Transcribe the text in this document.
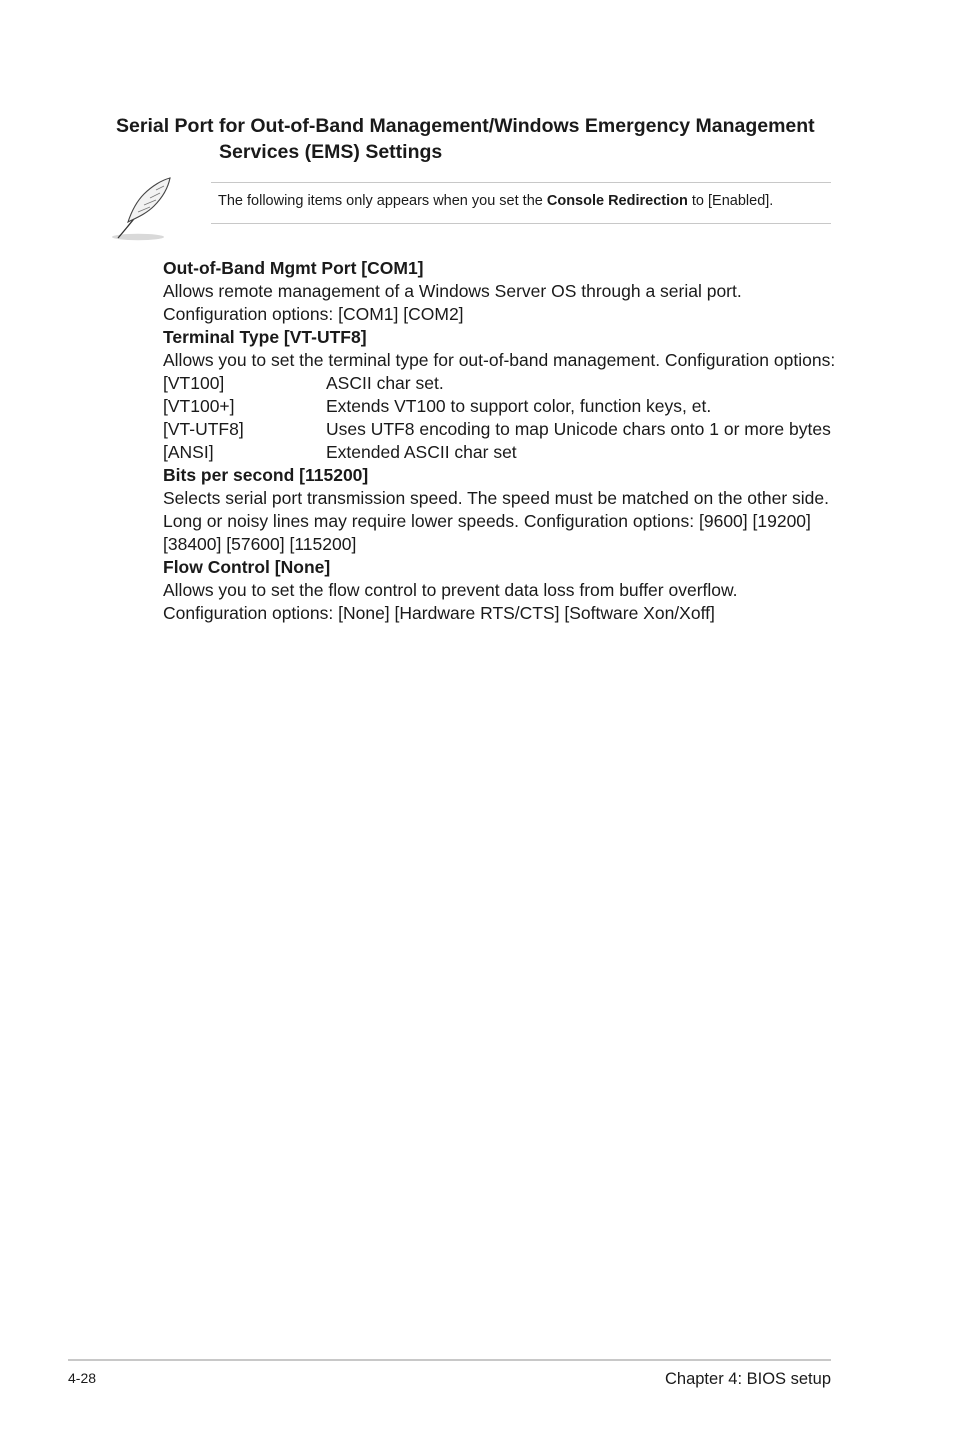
Serial Port for Out-of-Band Management/Windows Emergency Management
Services (EMS) Settings
The following items only appears when you set the Console Redirection to [Enabled].

Out-of-Band Mgmt Port [COM1]

Allows remote management of a Windows Server OS through a serial port.

Configuration options: [COM1] [COM2]

Terminal Type [VT-UTF8]

Allows you to set the terminal type for out-of-band management. Configuration options:

[VT100]	ASCII char set.
[VT100+]	Extends VT100 to support color, function keys, et.
[VT-UTF8]	Uses UTF8 encoding to map Unicode chars onto 1 or more bytes
[ANSI]	Extended ASCII char set

Bits per second [115200]

Selects serial port transmission speed. The speed must be matched on the other side.

Long or noisy lines may require lower speeds. Configuration options: [9600] [19200]

[38400] [57600] [115200]

Flow Control [None]

Allows you to set the flow control to prevent data loss from buffer overflow.

Configuration options: [None] [Hardware RTS/CTS] [Software Xon/Xoff]

4-28	Chapter 4: BIOS setup
